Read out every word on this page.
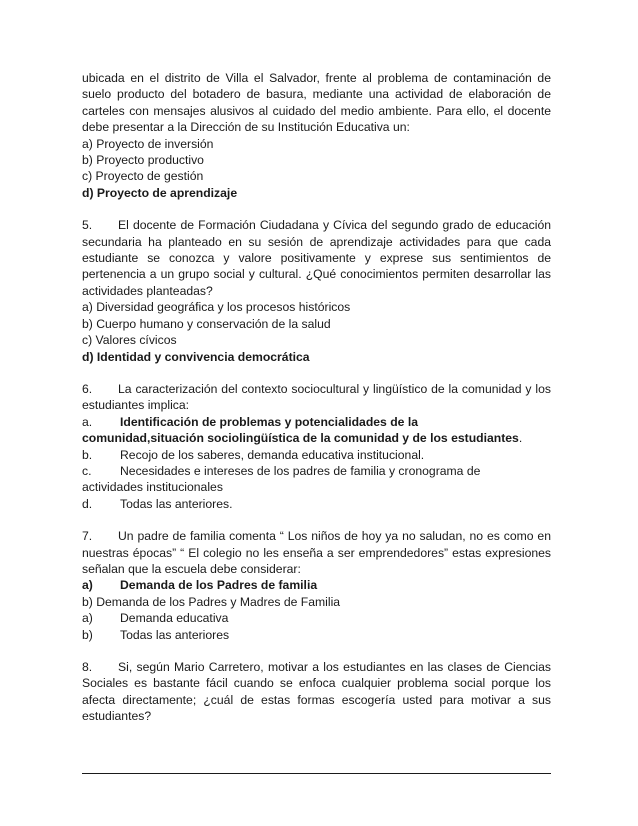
ubicada en el distrito de Villa el Salvador, frente al problema de contaminación de suelo producto del botadero de basura, mediante una actividad de elaboración de carteles con mensajes alusivos al cuidado del medio ambiente. Para ello, el docente debe presentar a la Dirección de su Institución Educativa un:

a) Proyecto de inversión
b) Proyecto productivo
c) Proyecto de gestión
d) Proyecto de aprendizaje

5. El docente de Formación Ciudadana y Cívica del segundo grado de educación secundaria ha planteado en su sesión de aprendizaje actividades para que cada estudiante se conozca y valore positivamente y exprese sus sentimientos de pertenencia a un grupo social y cultural. ¿Qué conocimientos permiten desarrollar las actividades planteadas?

a) Diversidad geográfica y los procesos históricos
b) Cuerpo humano y conservación de la salud
c) Valores cívicos
d) Identidad y convivencia democrática

6. La caracterización del contexto sociocultural y lingüístico de la comunidad y los estudiantes implica:

a.	Identificación de problemas y potencialidades de la
comunidad,situación sociolingüística de la comunidad y de los estudiantes.
b.	Recojo de los saberes, demanda educativa institucional.
c.	Necesidades e intereses de los padres de familia y cronograma de
actividades institucionales
d.	Todas las anteriores.

7. Un padre de familia comenta “ Los niños de hoy ya no saludan, no es como en nuestras épocas” “ El colegio no les enseña a ser emprendedores” estas expresiones señalan que la escuela debe considerar:

a)	Demanda de los Padres de familia
b) Demanda de los Padres y Madres de Familia
a)	Demanda educativa
b)	Todas las anteriores

8. Si, según Mario Carretero, motivar a los estudiantes en las clases de Ciencias Sociales es bastante fácil cuando se enfoca cualquier problema social porque los afecta directamente; ¿cuál de estas formas escogería usted para motivar a sus estudiantes?
